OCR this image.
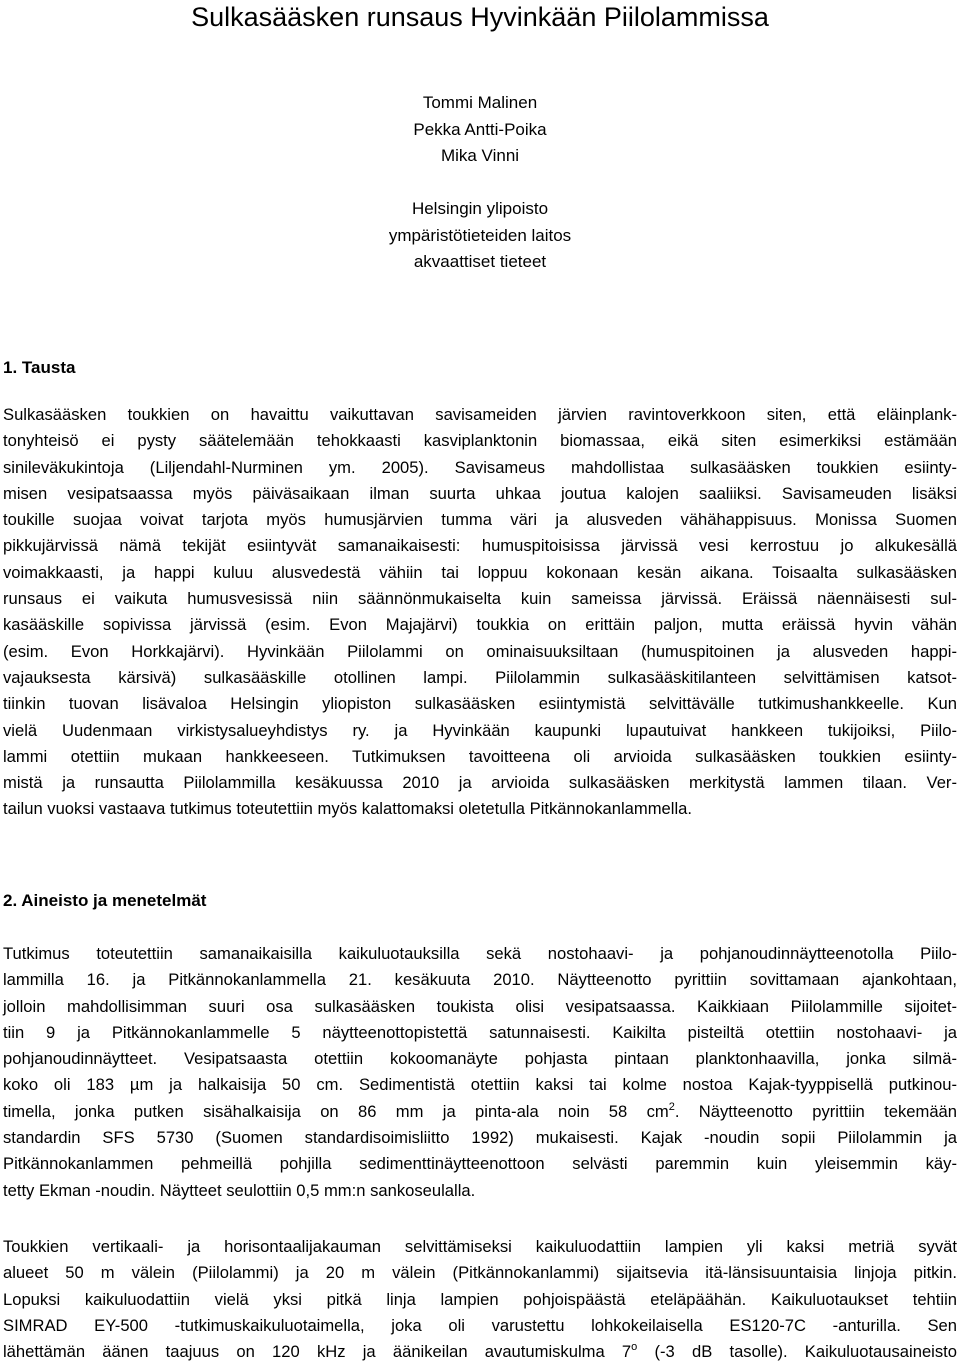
Sulkasääsken runsaus Hyvinkään Piilolammissa
Tommi Malinen
Pekka Antti-Poika
Mika Vinni
Helsingin ylipoisto
ympäristötieteiden laitos
akvaattiset tieteet
1. Tausta
Sulkasääsken toukkien on havaittu vaikuttavan savisameiden järvien ravintoverkkoon siten, että eläinplank-
tonyhteisö ei pysty säätelemään tehokkaasti kasviplanktonin biomassaa, eikä siten esimerkiksi estämään
sinileväkukintoja (Liljendahl-Nurminen ym. 2005). Savisameus mahdollistaa sulkasääsken toukkien esiinty-
misen vesipatsaassa myös päiväsaikaan ilman suurta uhkaa joutua kalojen saaliiksi. Savisameuden lisäksi
toukille suojaa voivat tarjota myös humusjärvien tumma väri ja alusveden vähähappisuus. Monissa Suomen
pikkujärvissä nämä tekijät esiintyvät samanaikaisesti: humuspitoisissa järvissä vesi kerrostuu jo alkukesällä
voimakkaasti, ja happi kuluu alusvedestä vähiin tai loppuu kokonaan kesän aikana. Toisaalta sulkasääsken
runsaus ei vaikuta humusvesissä niin säännönmukaiselta kuin sameissa järvissä. Eräissä näennäisesti sul-
kasääskille sopivissa järvissä (esim. Evon Majajärvi) toukkia on erittäin paljon, mutta eräissä hyvin vähän
(esim. Evon Horkkajärvi). Hyvinkään Piilolammi on ominaisuuksiltaan (humuspitoinen ja alusveden happi-
vajauksesta kärsivä) sulkasääskille otollinen lampi. Piilolammin sulkasääskitilanteen selvittämisen katsot-
tiinkin tuovan lisävaloa Helsingin yliopiston sulkasääsken esiintymistä selvittävälle tutkimushankkeelle. Kun
vielä Uudenmaan virkistysalueyhdistys ry. ja Hyvinkään kaupunki lupautuivat hankkeen tukijoiksi, Piilo-
lammi otettiin mukaan hankkeeseen. Tutkimuksen tavoitteena oli arvioida sulkasääsken toukkien esiinty-
mistä ja runsautta Piilolammilla kesäkuussa 2010 ja arvioida sulkasääsken merkitystä lammen tilaan. Ver-
tailun vuoksi vastaava tutkimus toteutettiin myös kalattomaksi oletetulla Pitkännokanlammella.
2. Aineisto ja menetelmät
Tutkimus toteutettiin samanaikaisilla kaikuluotauksilla sekä nostohaavi- ja pohjanoudinnäytteenotolla Piilo-
lammilla 16. ja Pitkännokanlammella 21. kesäkuuta 2010. Näytteenotto pyrittiin sovittamaan ajankohtaan,
jolloin mahdollisimman suuri osa sulkasääsken toukista olisi vesipatsaassa. Kaikkiaan Piilolammille sijoitet-
tiin 9 ja Pitkännokanlammelle 5 näytteenottopistettä satunnaisesti. Kaikilta pisteiltä otettiin nostohaavi- ja
pohjanoudinnäytteet. Vesipatsaasta otettiin kokoomanäyte pohjasta pintaan planktonhaavilla, jonka silmä-
koko oli 183 µm ja halkaisija 50 cm. Sedimentistä otettiin kaksi tai kolme nostoa Kajak-tyyppisellä putkinou-
timella, jonka putken sisähalkaisija on 86 mm ja pinta-ala noin 58 $cm^2$. Näytteenotto pyrittiin tekemään
standardin SFS 5730 (Suomen standardisoimisliitto 1992) mukaisesti. Kajak -noudin sopii Piilolammin ja
Pitkännokanlammen pehmeillä pohjilla sedimenttinäytteenottoon selvästi paremmin kuin yleisemmin käy-
tetty Ekman -noudin. Näytteet seulottiin 0,5 mm:n sankoseulalla.
Toukkien vertikaali- ja horisontaalijakauman selvittämiseksi kaikuluodattiin lampien yli kaksi metriä syvät
alueet 50 m välein (Piilolammi) ja 20 m välein (Pitkännokanlammi) sijaitsevia itä-länsisuuntaisia linjoja pitkin.
Lopuksi kaikuluodattiin vielä yksi pitkä linja lampien pohjoispäästä eteläpäähän. Kaikuluotaukset tehtiin
SIMRAD EY-500 -tutkimuskaikuluotaimella, joka oli varustettu lohkokeilaisella ES120-7C -anturilla. Sen
lähettämän äänen taajuus on 120 kHz ja äänikeilan avautumiskulma 7$^o$ (-3 dB tasolle). Kaikuluotausaineisto
